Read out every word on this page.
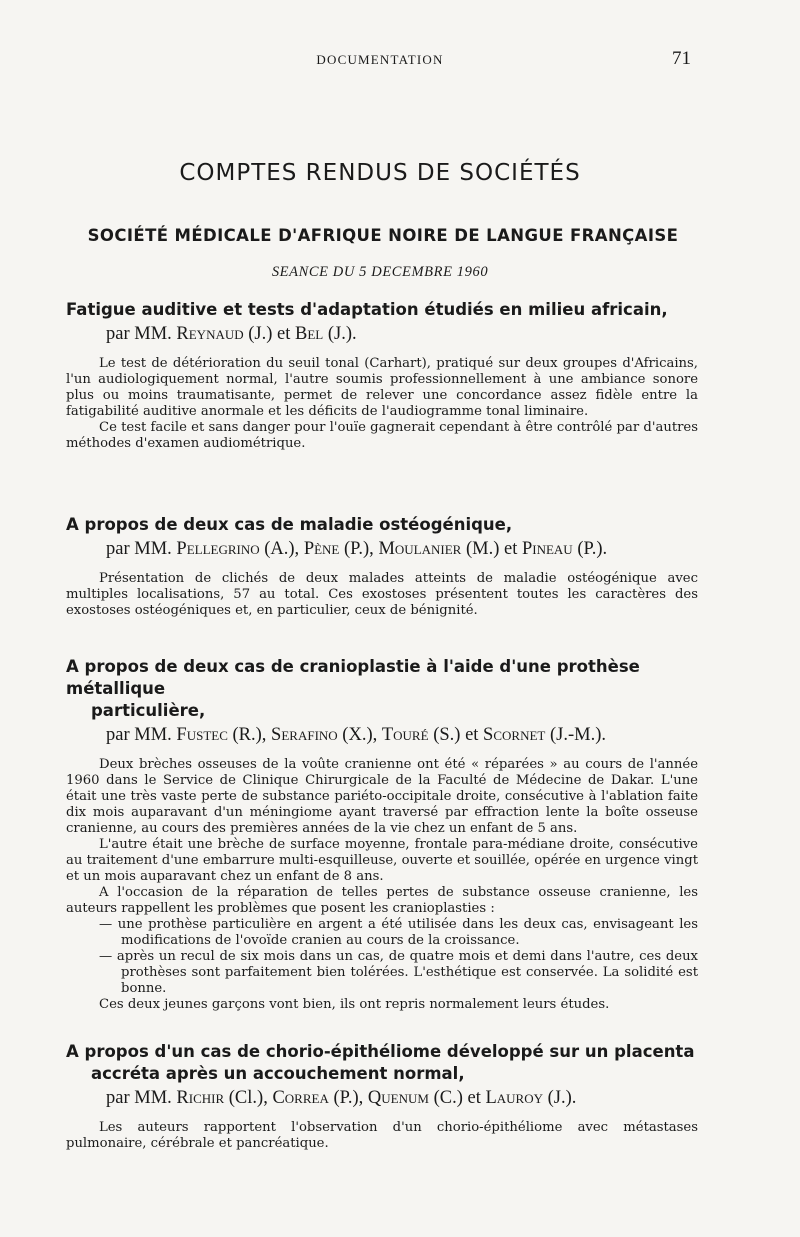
DOCUMENTATION	71
COMPTES RENDUS DE SOCIÉTÉS
SOCIÉTÉ MÉDICALE D'AFRIQUE NOIRE DE LANGUE FRANÇAISE
SEANCE DU 5 DECEMBRE 1960
Fatigue auditive et tests d'adaptation étudiés en milieu africain,
par MM. Reynaud (J.) et Bel (J.).

Le test de détérioration du seuil tonal (Carhart), pratiqué sur deux groupes d'Africains, l'un audiologiquement normal, l'autre soumis professionnellement à une ambiance sonore plus ou moins traumatisante, permet de relever une concordance assez fidèle entre la fatigabilité auditive anormale et les déficits de l'audiogramme tonal liminaire.

Ce test facile et sans danger pour l'ouïe gagnerait cependant à être contrôlé par d'autres méthodes d'examen audiométrique.

A propos de deux cas de maladie ostéogénique,
par MM. Pellegrino (A.), Pène (P.), Moulanier (M.) et Pineau (P.).

Présentation de clichés de deux malades atteints de maladie ostéogénique avec multiples localisations, 57 au total. Ces exostoses présentent toutes les caractères des exostoses ostéogéniques et, en particulier, ceux de bénignité.

A propos de deux cas de cranioplastie à l'aide d'une prothèse métallique
particulière,
par MM. Fustec (R.), Serafino (X.), Touré (S.) et Scornet (J.-M.).

Deux brèches osseuses de la voûte cranienne ont été « réparées » au cours de l'année 1960 dans le Service de Clinique Chirurgicale de la Faculté de Médecine de Dakar. L'une était une très vaste perte de substance pariéto-occipitale droite, consécutive à l'ablation faite dix mois auparavant d'un méningiome ayant traversé par effraction lente la boîte osseuse cranienne, au cours des premières années de la vie chez un enfant de 5 ans.

L'autre était une brèche de surface moyenne, frontale para-médiane droite, consécutive au traitement d'une embarrure multi-esquilleuse, ouverte et souillée, opérée en urgence vingt et un mois auparavant chez un enfant de 8 ans.

A l'occasion de la réparation de telles pertes de substance osseuse cranienne, les auteurs rappellent les problèmes que posent les cranioplasties :

— une prothèse particulière en argent a été utilisée dans les deux cas, envisageant les modifications de l'ovoïde cranien au cours de la croissance.

— après un recul de six mois dans un cas, de quatre mois et demi dans l'autre, ces deux prothèses sont parfaitement bien tolérées. L'esthétique est conservée. La solidité est bonne.

Ces deux jeunes garçons vont bien, ils ont repris normalement leurs études.

A propos d'un cas de chorio-épithéliome développé sur un placenta
accréta après un accouchement normal,
par MM. Richir (Cl.), Correa (P.), Quenum (C.) et Lauroy (J.).

Les auteurs rapportent l'observation d'un chorio-épithéliome avec métastases pulmonaire, cérébrale et pancréatique.
